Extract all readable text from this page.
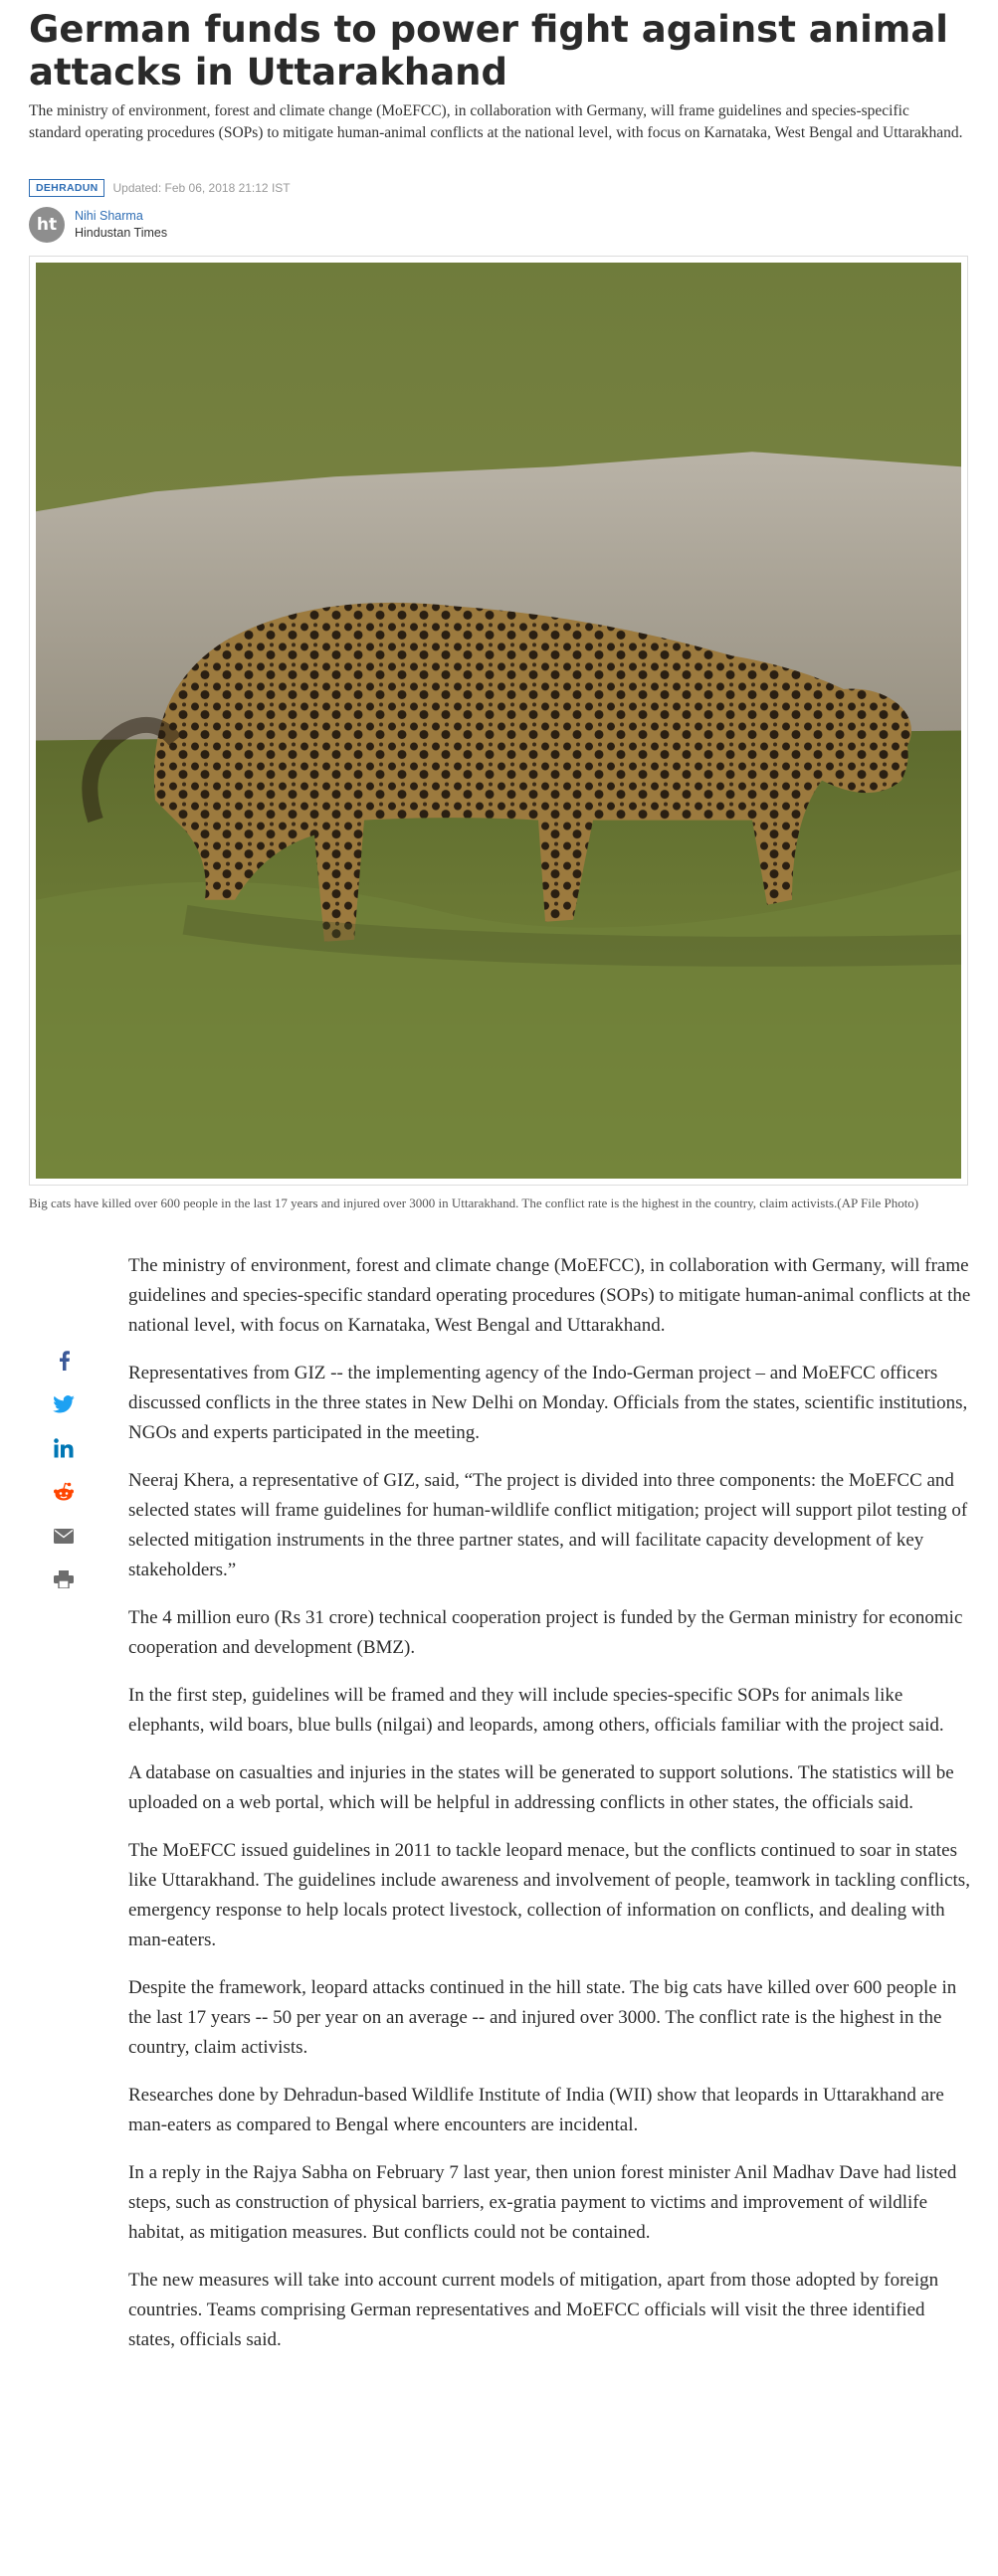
German funds to power fight against animal attacks in Uttarakhand

The ministry of environment, forest and climate change (MoEFCC), in collaboration with Germany, will frame guidelines and species-specific standard operating procedures (SOPs) to mitigate human-animal conflicts at the national level, with focus on Karnataka, West Bengal and Uttarakhand.

DEHRADUN	Updated: Feb 06, 2018 21:12 IST
ht	Nihi Sharma
Hindustan Times

Big cats have killed over 600 people in the last 17 years and injured over 3000 in Uttarakhand. The conflict rate is the highest in the country, claim activists.(AP File Photo)

The ministry of environment, forest and climate change (MoEFCC), in collaboration with Germany, will frame guidelines and species-specific standard operating procedures (SOPs) to mitigate human-animal conflicts at the national level, with focus on Karnataka, West Bengal and Uttarakhand.

Representatives from GIZ -- the implementing agency of the Indo-German project – and MoEFCC officers discussed conflicts in the three states in New Delhi on Monday. Officials from the states, scientific institutions, NGOs and experts participated in the meeting.

Neeraj Khera, a representative of GIZ, said, “The project is divided into three components: the MoEFCC and selected states will frame guidelines for human-wildlife conflict mitigation; project will support pilot testing of selected mitigation instruments in the three partner states, and will facilitate capacity development of key stakeholders.”

The 4 million euro (Rs 31 crore) technical cooperation project is funded by the German ministry for economic cooperation and development (BMZ).

In the first step, guidelines will be framed and they will include species-specific SOPs for animals like elephants, wild boars, blue bulls (nilgai) and leopards, among others, officials familiar with the project said.

A database on casualties and injuries in the states will be generated to support solutions. The statistics will be uploaded on a web portal, which will be helpful in addressing conflicts in other states, the officials said.

The MoEFCC issued guidelines in 2011 to tackle leopard menace, but the conflicts continued to soar in states like Uttarakhand. The guidelines include awareness and involvement of people, teamwork in tackling conflicts, emergency response to help locals protect livestock, collection of information on conflicts, and dealing with man-eaters.

Despite the framework, leopard attacks continued in the hill state. The big cats have killed over 600 people in the last 17 years -- 50 per year on an average -- and injured over 3000. The conflict rate is the highest in the country, claim activists.

Researches done by Dehradun-based Wildlife Institute of India (WII) show that leopards in Uttarakhand are man-eaters as compared to Bengal where encounters are incidental.

In a reply in the Rajya Sabha on February 7 last year, then union forest minister Anil Madhav Dave had listed steps, such as construction of physical barriers, ex-gratia payment to victims and improvement of wildlife habitat, as mitigation measures. But conflicts could not be contained.

The new measures will take into account current models of mitigation, apart from those adopted by foreign countries. Teams comprising German representatives and MoEFCC officials will visit the three identified states, officials said.
